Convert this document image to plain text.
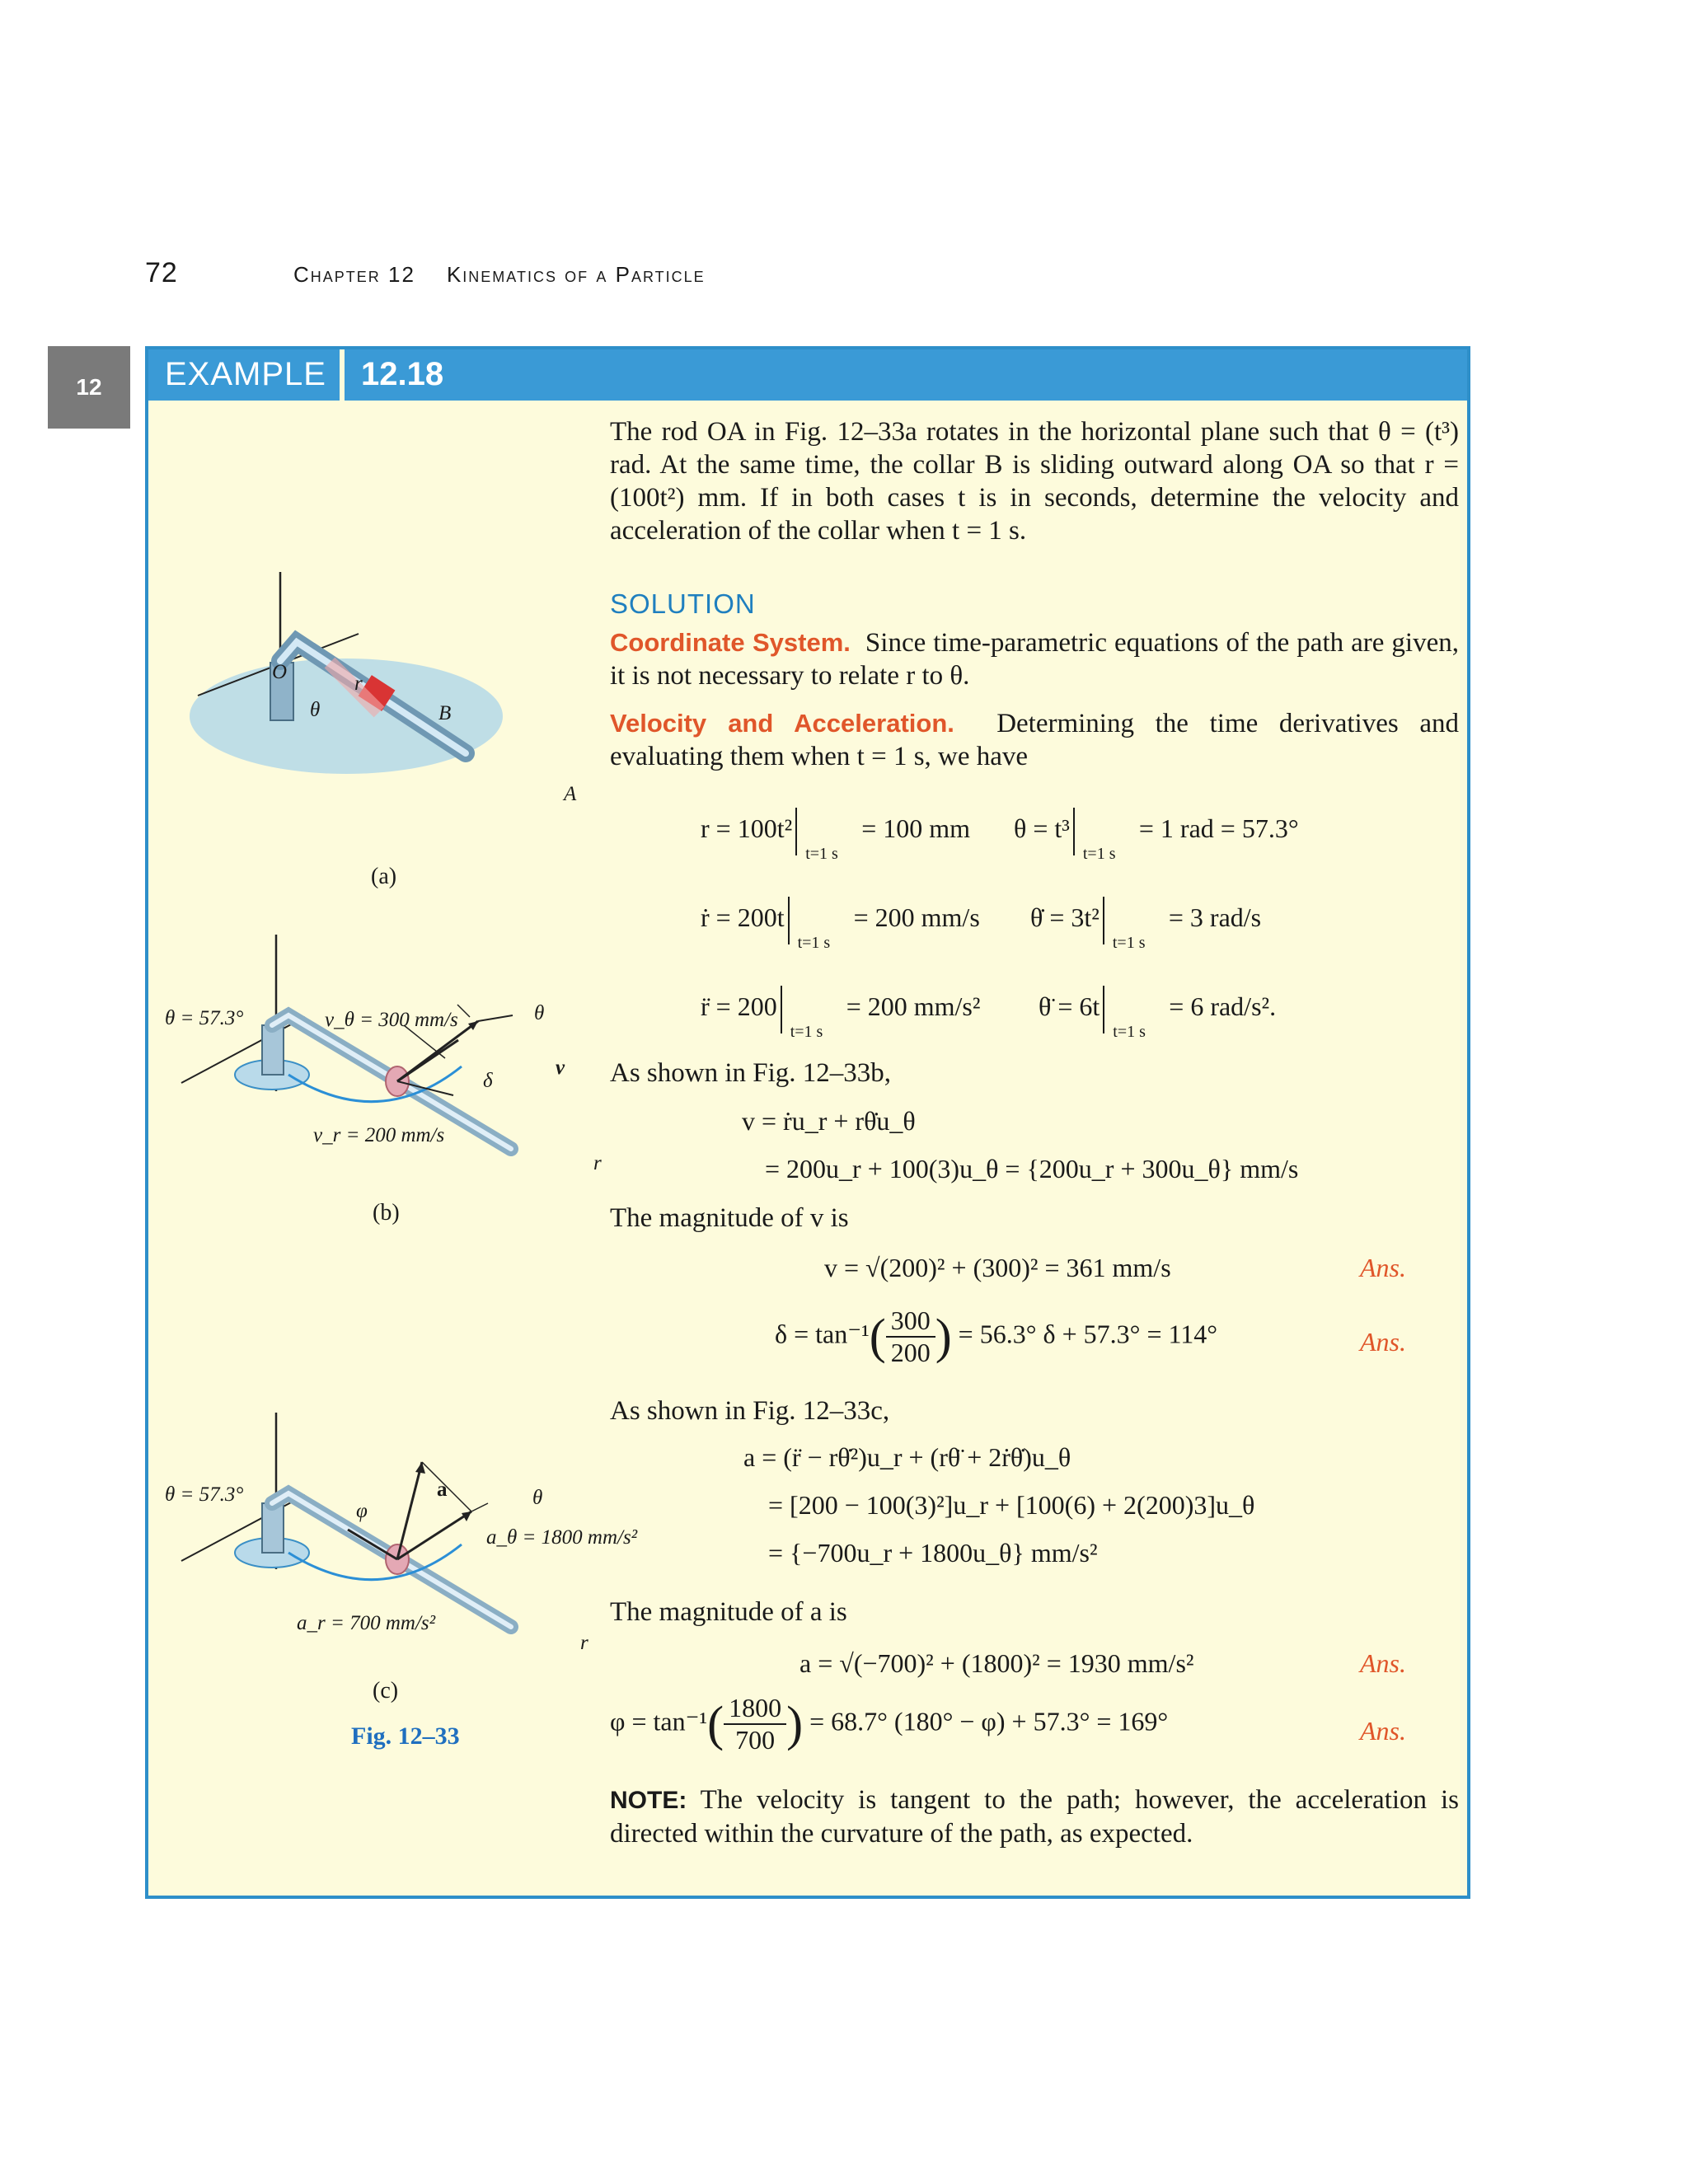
72	Chapter 12 Kinematics of a Particle
12	EXAMPLE 12.18
The rod OA in Fig. 12–33a rotates in the horizontal plane such that θ = (t³) rad. At the same time, the collar B is sliding outward along OA so that r = (100t²) mm. If in both cases t is in seconds, determine the velocity and acceleration of the collar when t = 1 s.
SOLUTION
Coordinate System. Since time-parametric equations of the path are given, it is not necessary to relate r to θ.
Velocity and Acceleration. Determining the time derivatives and evaluating them when t = 1 s, we have
r = 100t²
t=1 s
= 100 mm θ = t³
t=1 s
= 1 rad = 57.3°
ṙ = 200t
t=1 s
= 200 mm/s θ̇ = 3t²
t=1 s
= 3 rad/s
r̈ = 200
t=1 s
= 200 mm/s² θ̈ = 6t
t=1 s
= 6 rad/s².
As shown in Fig. 12–33b,
v = ṙu_r + rθ̇u_θ
= 200u_r + 100(3)u_θ = {200u_r + 300u_θ} mm/s
The magnitude of v is
v = √(200)² + (300)² = 361 mm/s	Ans.
$\delta = \tan^{-1}( \frac{300}{200}$ ) = 56.3° δ + 57.3° = 114°	Ans.
As shown in Fig. 12–33c,
a = (r̈ − rθ̇²)u_r + (rθ̈ + 2ṙθ̇)u_θ
= [200 − 100(3)²]u_r + [100(6) + 2(200)3]u_θ
= {−700u_r + 1800u_θ} mm/s²
The magnitude of a is
a = √(−700)² + (1800)² = 1930 mm/s²	Ans.
$\varphi = \tan^{-1}( \frac{1800}{700}$ ) = 68.7° (180° − φ) + 57.3° = 169°	Ans.
NOTE: The velocity is tangent to the path; however, the acceleration is directed within the curvature of the path, as expected.
O
r
θ	B
A
(a)
θ = 57.3°	v_θ = 300 mm/s	θ
v
δ
v_r = 200 mm/s
r
(b)
θ = 57.3°	a	θ
φ
a_θ = 1800 mm/s²
a_r = 700 mm/s²
r
(c)
Fig. 12–33
